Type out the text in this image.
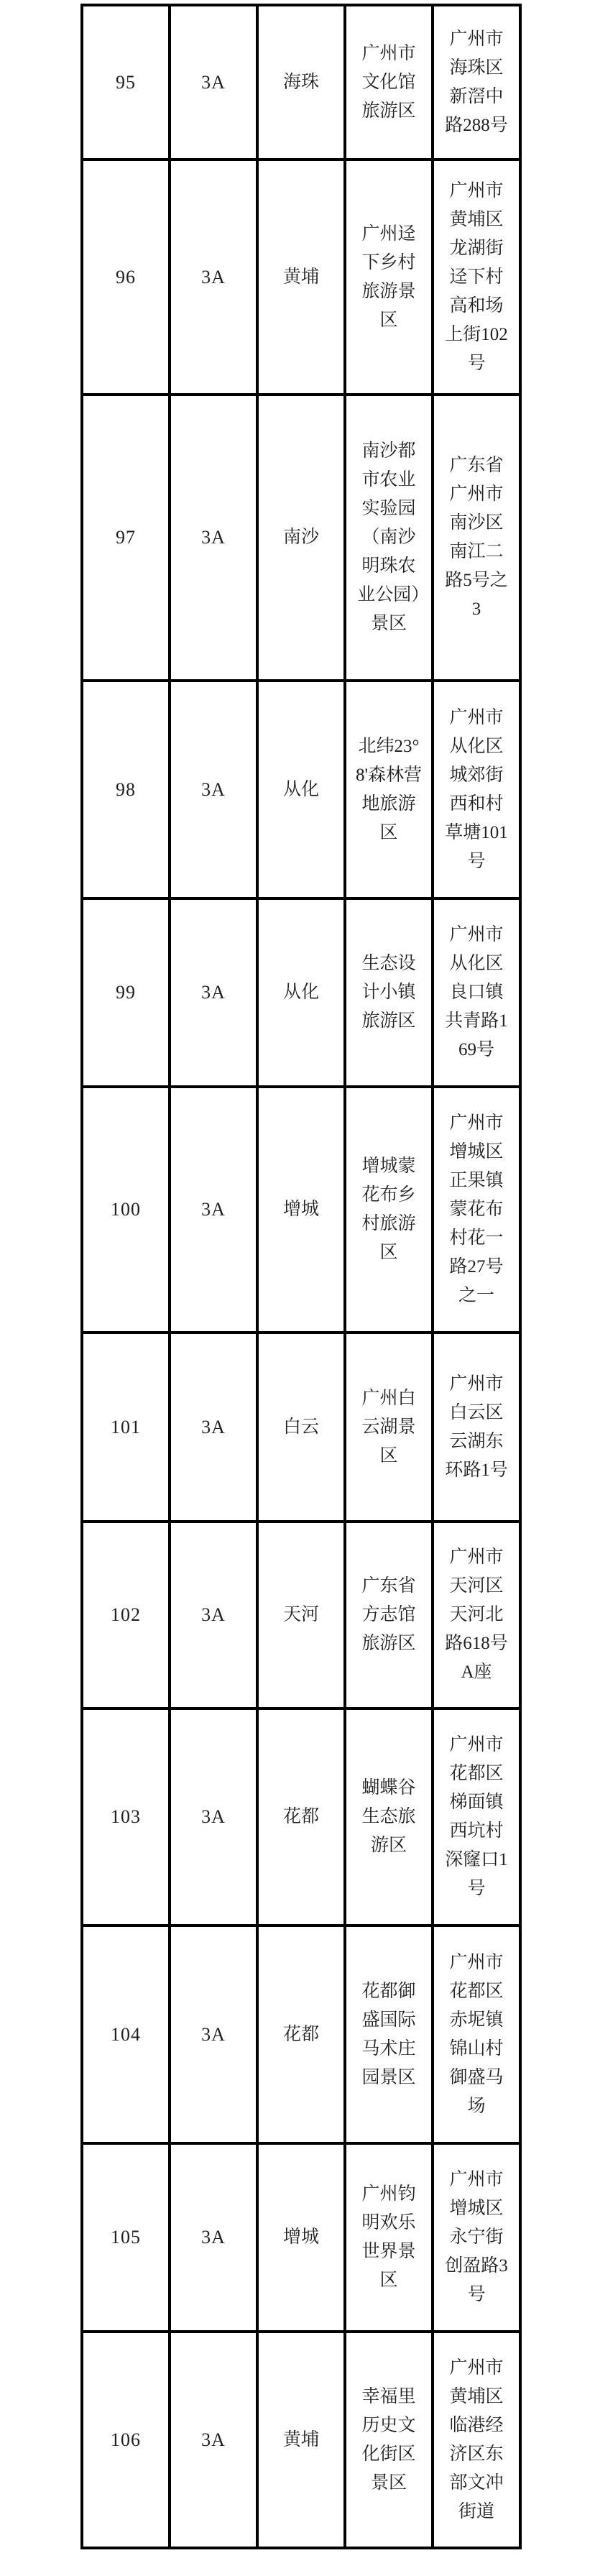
95	3A	海珠	广州市文化馆旅游区	广州市海珠区新滘中路288号
96	3A	黄埔	广州迳下乡村旅游景区	广州市黄埔区龙湖街迳下村高和场上街102号
97	3A	南沙	南沙都市农业实验园（南沙明珠农业公园）景区	广东省广州市南沙区南江二路5号之3
98	3A	从化	北纬23°8'森林营地旅游区	广州市从化区城郊街西和村草塘101号
99	3A	从化	生态设计小镇旅游区	广州市从化区良口镇共青路169号
100	3A	增城	增城蒙花布乡村旅游区	广州市增城区正果镇蒙花布村花一路27号之一
101	3A	白云	广州白云湖景区	广州市白云区云湖东环路1号
102	3A	天河	广东省方志馆旅游区	广州市天河区天河北路618号A座
103	3A	花都	蝴蝶谷生态旅游区	广州市花都区梯面镇西坑村深窿口1号
104	3A	花都	花都御盛国际马术庄园景区	广州市花都区赤坭镇锦山村御盛马场
105	3A	增城	广州钧明欢乐世界景区	广州市增城区永宁街创盈路3号
106	3A	黄埔	幸福里历史文化街区景区	广州市黄埔区临港经济区东部文冲街道
